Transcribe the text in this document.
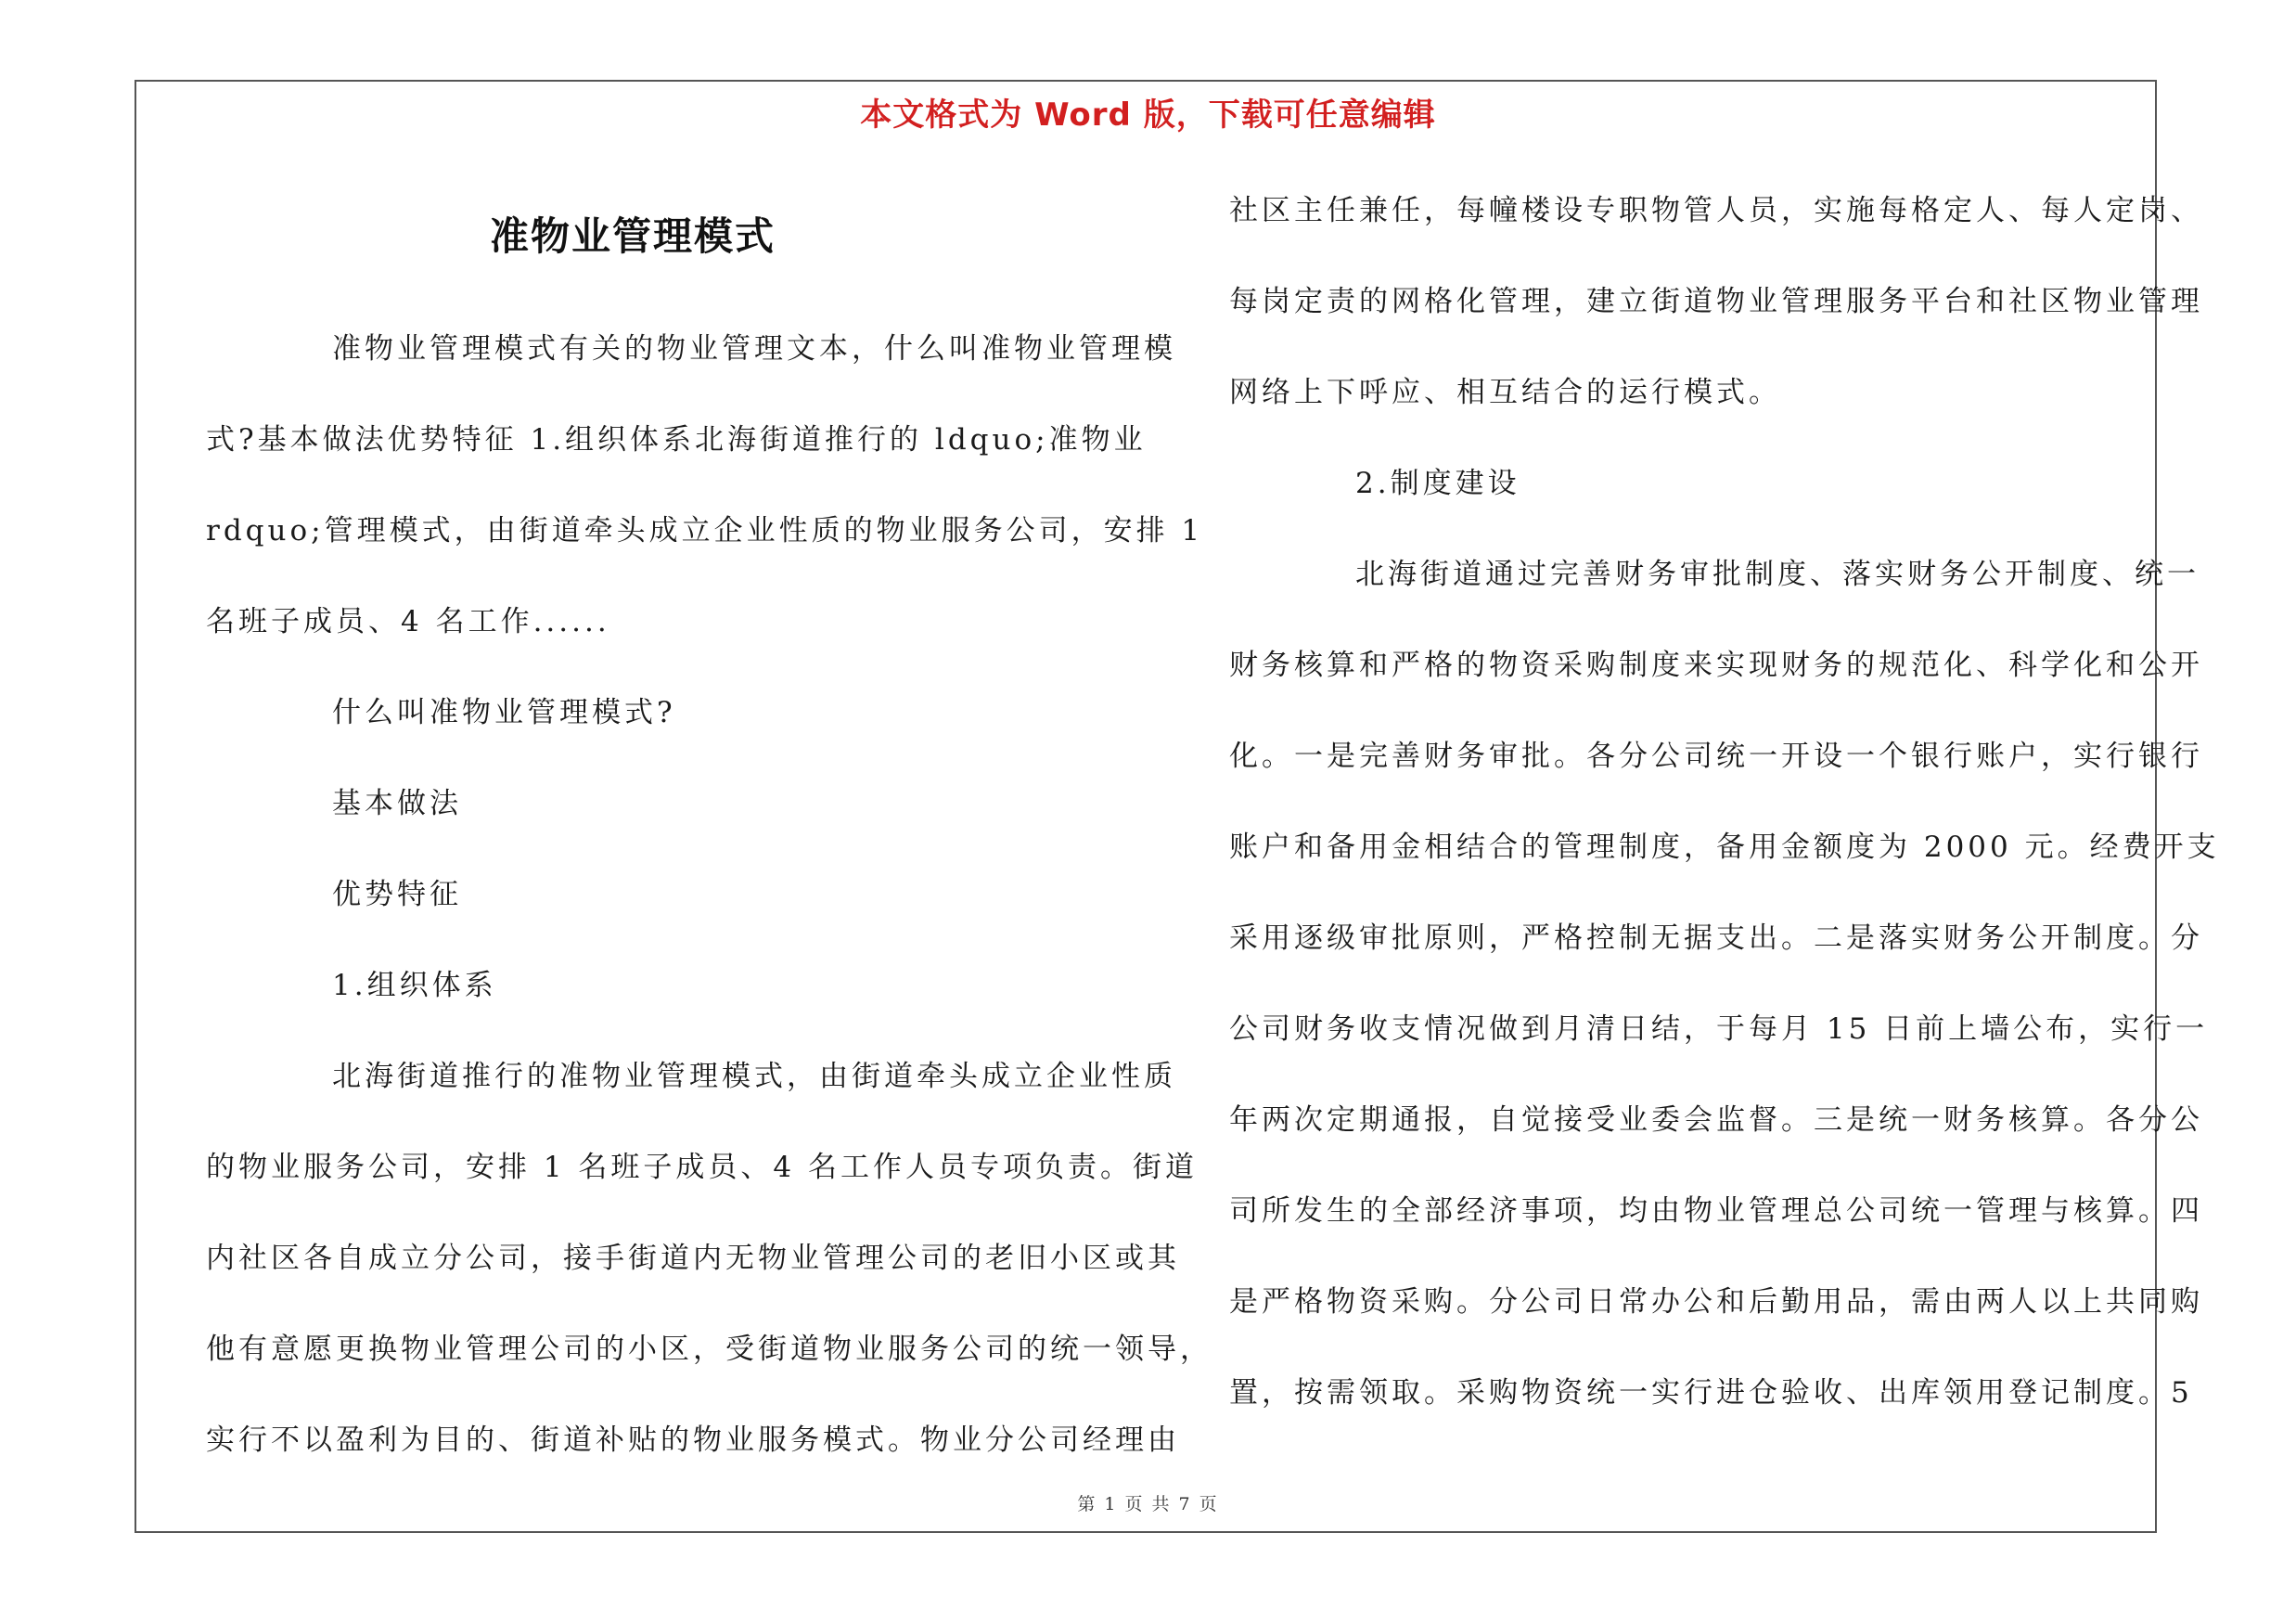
本文格式为 Word 版，下载可任意编辑
准物业管理模式
准物业管理模式有关的物业管理文本，什么叫准物业管理模
式?基本做法优势特征 1.组织体系北海街道推行的 ldquo;准物业
rdquo;管理模式，由街道牵头成立企业性质的物业服务公司，安排 1
名班子成员、4 名工作......
什么叫准物业管理模式?
基本做法
优势特征
1.组织体系
北海街道推行的准物业管理模式，由街道牵头成立企业性质
的物业服务公司，安排 1 名班子成员、4 名工作人员专项负责。街道
内社区各自成立分公司，接手街道内无物业管理公司的老旧小区或其
他有意愿更换物业管理公司的小区，受街道物业服务公司的统一领导，
实行不以盈利为目的、街道补贴的物业服务模式。物业分公司经理由
社区主任兼任，每幢楼设专职物管人员，实施每格定人、每人定岗、
每岗定责的网格化管理，建立街道物业管理服务平台和社区物业管理
网络上下呼应、相互结合的运行模式。
2.制度建设
北海街道通过完善财务审批制度、落实财务公开制度、统一
财务核算和严格的物资采购制度来实现财务的规范化、科学化和公开
化。一是完善财务审批。各分公司统一开设一个银行账户，实行银行
账户和备用金相结合的管理制度，备用金额度为 2000 元。经费开支
采用逐级审批原则，严格控制无据支出。二是落实财务公开制度。分
公司财务收支情况做到月清日结，于每月 15 日前上墙公布，实行一
年两次定期通报，自觉接受业委会监督。三是统一财务核算。各分公
司所发生的全部经济事项，均由物业管理总公司统一管理与核算。四
是严格物资采购。分公司日常办公和后勤用品，需由两人以上共同购
置，按需领取。采购物资统一实行进仓验收、出库领用登记制度。5
第 1 页 共 7 页
